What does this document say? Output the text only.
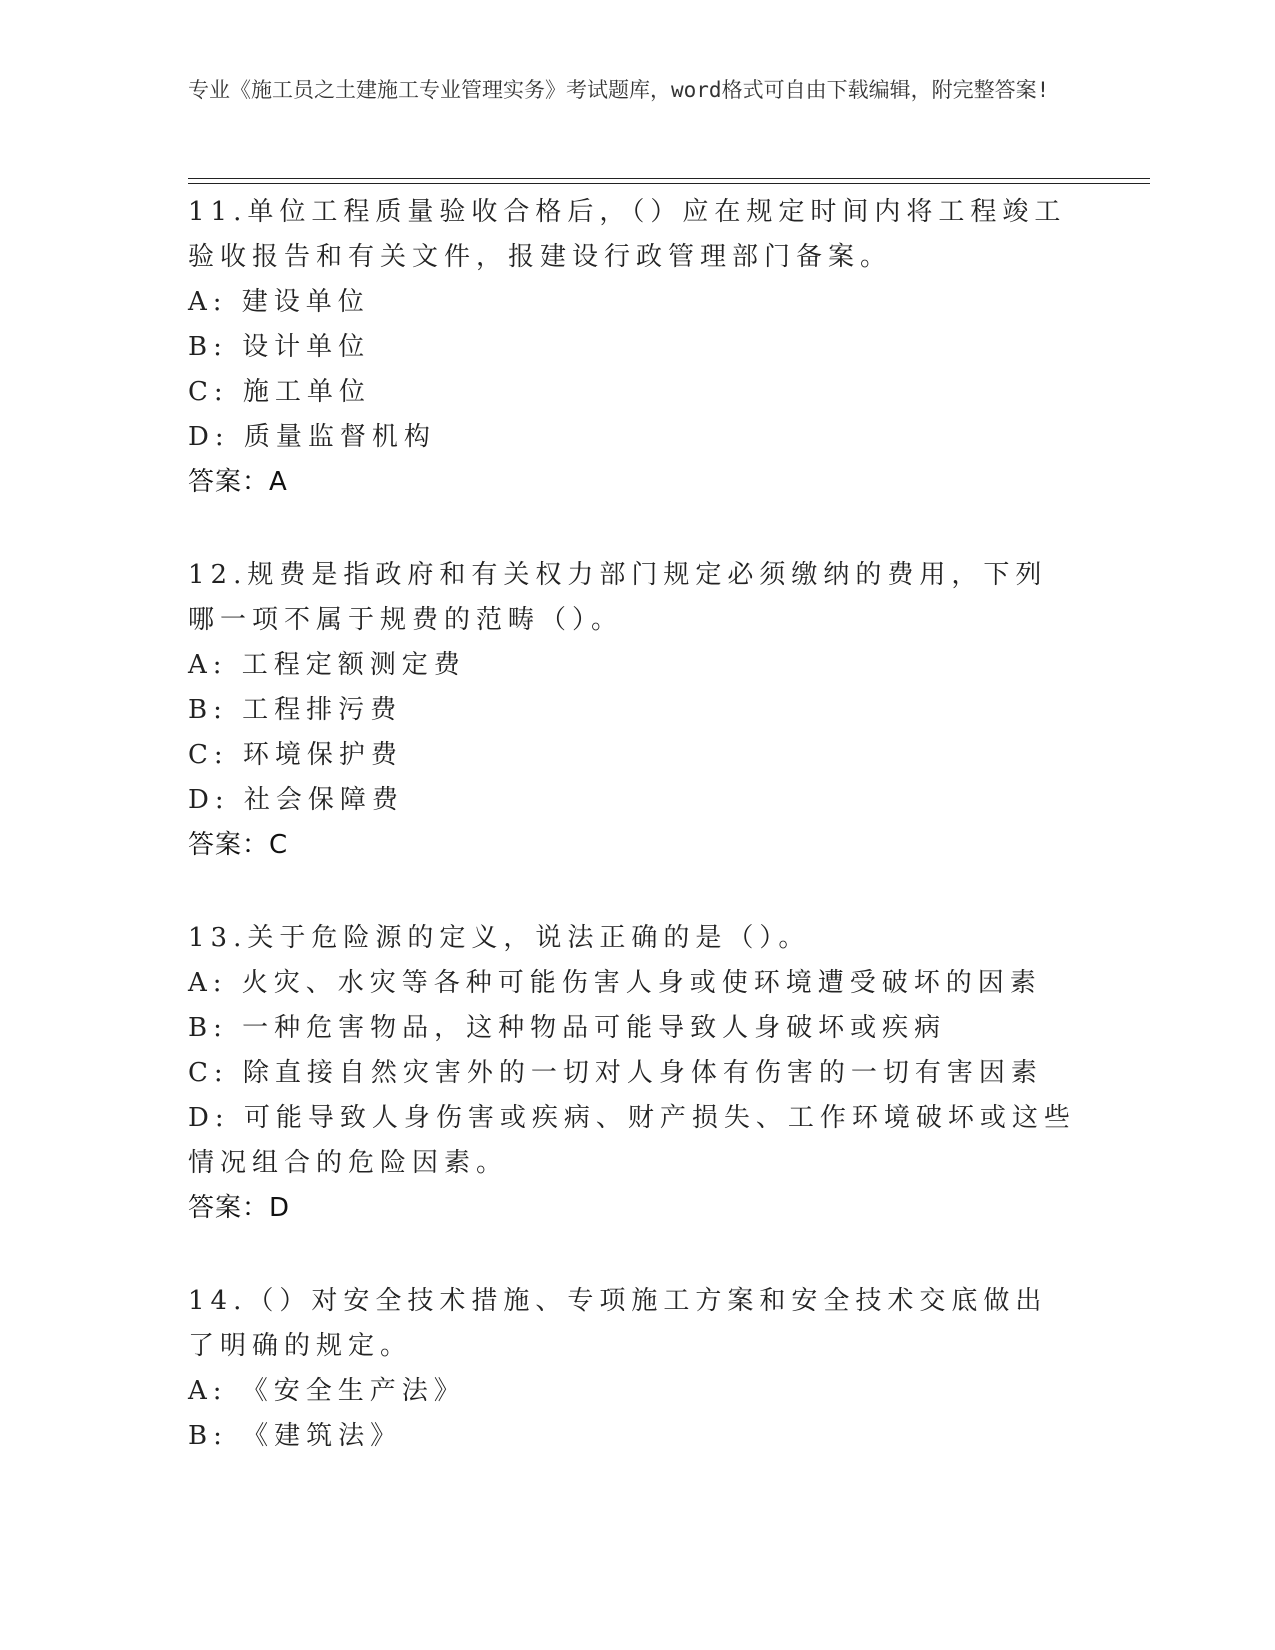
专业《施工员之土建施工专业管理实务》考试题库，word格式可自由下载编辑，附完整答案!
11.单位工程质量验收合格后，（）应在规定时间内将工程竣工验收报告和有关文件，报建设行政管理部门备案。
A: 建设单位
B: 设计单位
C: 施工单位
D: 质量监督机构
答案：A
12.规费是指政府和有关权力部门规定必须缴纳的费用，下列哪一项不属于规费的范畴（）。
A: 工程定额测定费
B: 工程排污费
C: 环境保护费
D: 社会保障费
答案：C
13.关于危险源的定义，说法正确的是（）。
A: 火灾、水灾等各种可能伤害人身或使环境遭受破坏的因素
B: 一种危害物品，这种物品可能导致人身破坏或疾病
C: 除直接自然灾害外的一切对人身体有伤害的一切有害因素
D: 可能导致人身伤害或疾病、财产损失、工作环境破坏或这些情况组合的危险因素。
答案：D
14.（）对安全技术措施、专项施工方案和安全技术交底做出了明确的规定。
A: 《安全生产法》
B: 《建筑法》
